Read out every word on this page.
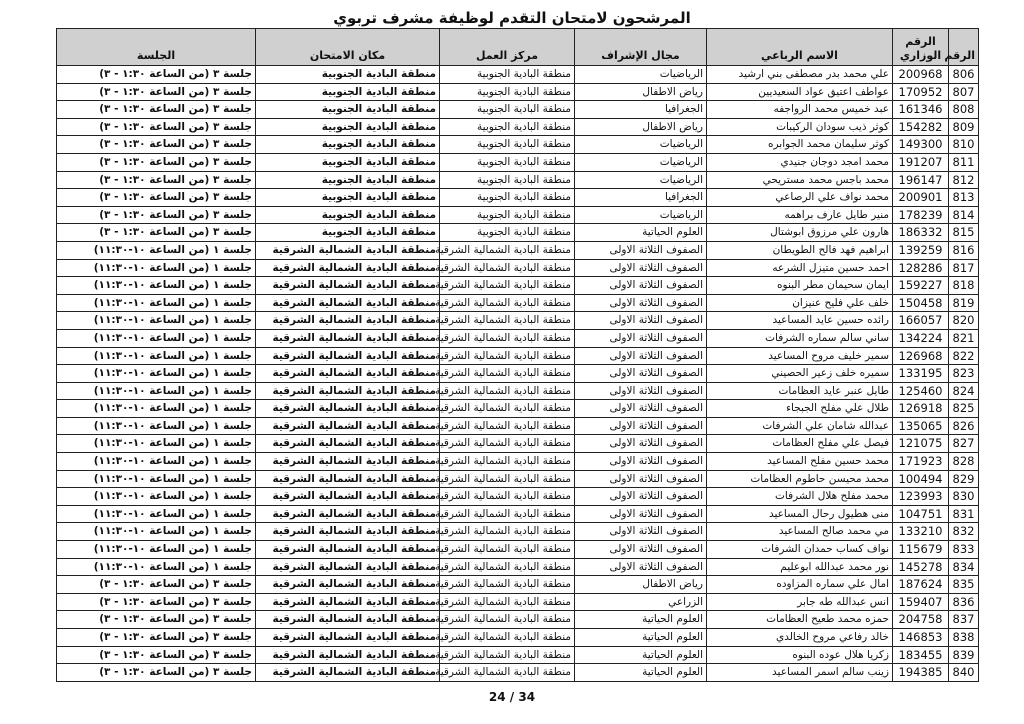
المرشحون لامتحان التقدم لوظيفة مشرف تربوي
الرقم	الرقم الوزاري	الاسم الرباعي	مجال الإشراف	مركز العمل	مكان الامتحان	الجلسة
806	200968	علي محمد بدر مصطفى بني ارشيد	الرياضيات	منطقة البادية الجنوبية	منطقة البادية الجنوبية	جلسة ٣ (من الساعة ١:٣٠ - ٣)
807	170952	عواطف اعتيق عواد السعيديين	رياض الاطفال	منطقة البادية الجنوبية	منطقة البادية الجنوبية	جلسة ٣ (من الساعة ١:٣٠ - ٣)
808	161346	عبد خميس محمد الرواجفه	الجغرافيا	منطقة البادية الجنوبية	منطقة البادية الجنوبية	جلسة ٣ (من الساعة ١:٣٠ - ٣)
809	154282	كوثر ذيب سودان الركيبات	رياض الاطفال	منطقة البادية الجنوبية	منطقة البادية الجنوبية	جلسة ٣ (من الساعة ١:٣٠ - ٣)
810	149300	كوثر سليمان محمد الجوابره	الرياضيات	منطقة البادية الجنوبية	منطقة البادية الجنوبية	جلسة ٣ (من الساعة ١:٣٠ - ٣)
811	191207	محمد امجد دوجان جنيدي	الرياضيات	منطقة البادية الجنوبية	منطقة البادية الجنوبية	جلسة ٣ (من الساعة ١:٣٠ - ٣)
812	196147	محمد باجس محمد مستريحي	الرياضيات	منطقة البادية الجنوبية	منطقة البادية الجنوبية	جلسة ٣ (من الساعة ١:٣٠ - ٣)
813	200901	محمد نواف علي الرصاعي	الجغرافيا	منطقة البادية الجنوبية	منطقة البادية الجنوبية	جلسة ٣ (من الساعة ١:٣٠ - ٣)
814	178239	منير طايل عارف براهمه	الرياضيات	منطقة البادية الجنوبية	منطقة البادية الجنوبية	جلسة ٣ (من الساعة ١:٣٠ - ٣)
815	186332	هارون علي مرزوق ابوشتال	العلوم الحياتية	منطقة البادية الجنوبية	منطقة البادية الجنوبية	جلسة ٣ (من الساعة ١:٣٠ - ٣)
816	139259	ابراهيم فهد فالح الطويطان	الصفوف الثلاثة الاولى	منطقة البادية الشمالية الشرقية	منطقة البادية الشمالية الشرقية	جلسة ١ (من الساعة ١٠-١١:٣٠)
817	128286	احمد حسين متيزل الشرعه	الصفوف الثلاثة الاولى	منطقة البادية الشمالية الشرقية	منطقة البادية الشمالية الشرقية	جلسة ١ (من الساعة ١٠-١١:٣٠)
818	159227	ايمان سحيمان مطر البنوه	الصفوف الثلاثة الاولى	منطقة البادية الشمالية الشرقية	منطقة البادية الشمالية الشرقية	جلسة ١ (من الساعة ١٠-١١:٣٠)
819	150458	خلف علي فليح عنيزان	الصفوف الثلاثة الاولى	منطقة البادية الشمالية الشرقية	منطقة البادية الشمالية الشرقية	جلسة ١ (من الساعة ١٠-١١:٣٠)
820	166057	رائده حسين عايد المساعيد	الصفوف الثلاثة الاولى	منطقة البادية الشمالية الشرقية	منطقة البادية الشمالية الشرقية	جلسة ١ (من الساعة ١٠-١١:٣٠)
821	134224	ساني سالم سماره الشرفات	الصفوف الثلاثة الاولى	منطقة البادية الشمالية الشرقية	منطقة البادية الشمالية الشرقية	جلسة ١ (من الساعة ١٠-١١:٣٠)
822	126968	سمير خليف مروح المساعيد	الصفوف الثلاثة الاولى	منطقة البادية الشمالية الشرقية	منطقة البادية الشمالية الشرقية	جلسة ١ (من الساعة ١٠-١١:٣٠)
823	133195	سميره خلف زعير الحصيني	الصفوف الثلاثة الاولى	منطقة البادية الشمالية الشرقية	منطقة البادية الشمالية الشرقية	جلسة ١ (من الساعة ١٠-١١:٣٠)
824	125460	طايل عنبر عايد العظامات	الصفوف الثلاثة الاولى	منطقة البادية الشمالية الشرقية	منطقة البادية الشمالية الشرقية	جلسة ١ (من الساعة ١٠-١١:٣٠)
825	126918	طلال علي مفلح الجبجاء	الصفوف الثلاثة الاولى	منطقة البادية الشمالية الشرقية	منطقة البادية الشمالية الشرقية	جلسة ١ (من الساعة ١٠-١١:٣٠)
826	135065	عبدالله شامان علي الشرفات	الصفوف الثلاثة الاولى	منطقة البادية الشمالية الشرقية	منطقة البادية الشمالية الشرقية	جلسة ١ (من الساعة ١٠-١١:٣٠)
827	121075	فيصل علي مفلح العظامات	الصفوف الثلاثة الاولى	منطقة البادية الشمالية الشرقية	منطقة البادية الشمالية الشرقية	جلسة ١ (من الساعة ١٠-١١:٣٠)
828	171923	محمد حسين مفلح المساعيد	الصفوف الثلاثة الاولى	منطقة البادية الشمالية الشرقية	منطقة البادية الشمالية الشرقية	جلسة ١ (من الساعة ١٠-١١:٣٠)
829	100494	محمد محيسن حاطوم العظامات	الصفوف الثلاثة الاولى	منطقة البادية الشمالية الشرقية	منطقة البادية الشمالية الشرقية	جلسة ١ (من الساعة ١٠-١١:٣٠)
830	123993	محمد مفلح هلال الشرفات	الصفوف الثلاثة الاولى	منطقة البادية الشمالية الشرقية	منطقة البادية الشمالية الشرقية	جلسة ١ (من الساعة ١٠-١١:٣٠)
831	104751	منى هطيول رحال المساعيد	الصفوف الثلاثة الاولى	منطقة البادية الشمالية الشرقية	منطقة البادية الشمالية الشرقية	جلسة ١ (من الساعة ١٠-١١:٣٠)
832	133210	مي محمد صالح المساعيد	الصفوف الثلاثة الاولى	منطقة البادية الشمالية الشرقية	منطقة البادية الشمالية الشرقية	جلسة ١ (من الساعة ١٠-١١:٣٠)
833	115679	نواف كساب حمدان الشرفات	الصفوف الثلاثة الاولى	منطقة البادية الشمالية الشرقية	منطقة البادية الشمالية الشرقية	جلسة ١ (من الساعة ١٠-١١:٣٠)
834	145278	نور محمد عبدالله ابوعليم	الصفوف الثلاثة الاولى	منطقة البادية الشمالية الشرقية	منطقة البادية الشمالية الشرقية	جلسة ١ (من الساعة ١٠-١١:٣٠)
835	187624	امال علي سماره المزاوده	رياض الاطفال	منطقة البادية الشمالية الشرقية	منطقة البادية الشمالية الشرقية	جلسة ٣ (من الساعة ١:٣٠ - ٣)
836	159407	انس عبدالله طه جابر	الزراعي	منطقة البادية الشمالية الشرقية	منطقة البادية الشمالية الشرقية	جلسة ٣ (من الساعة ١:٣٠ - ٣)
837	204758	حمزه محمد طعيح العظامات	العلوم الحياتية	منطقة البادية الشمالية الشرقية	منطقة البادية الشمالية الشرقية	جلسة ٣ (من الساعة ١:٣٠ - ٣)
838	146853	خالد رفاعي مروح الخالدي	العلوم الحياتية	منطقة البادية الشمالية الشرقية	منطقة البادية الشمالية الشرقية	جلسة ٣ (من الساعة ١:٣٠ - ٣)
839	183455	زكريا هلال عوده البنوه	العلوم الحياتية	منطقة البادية الشمالية الشرقية	منطقة البادية الشمالية الشرقية	جلسة ٣ (من الساعة ١:٣٠ - ٣)
840	194385	زينب سالم اسمر المساعيد	العلوم الحياتية	منطقة البادية الشمالية الشرقية	منطقة البادية الشمالية الشرقية	جلسة ٣ (من الساعة ١:٣٠ - ٣)
24 / 34
